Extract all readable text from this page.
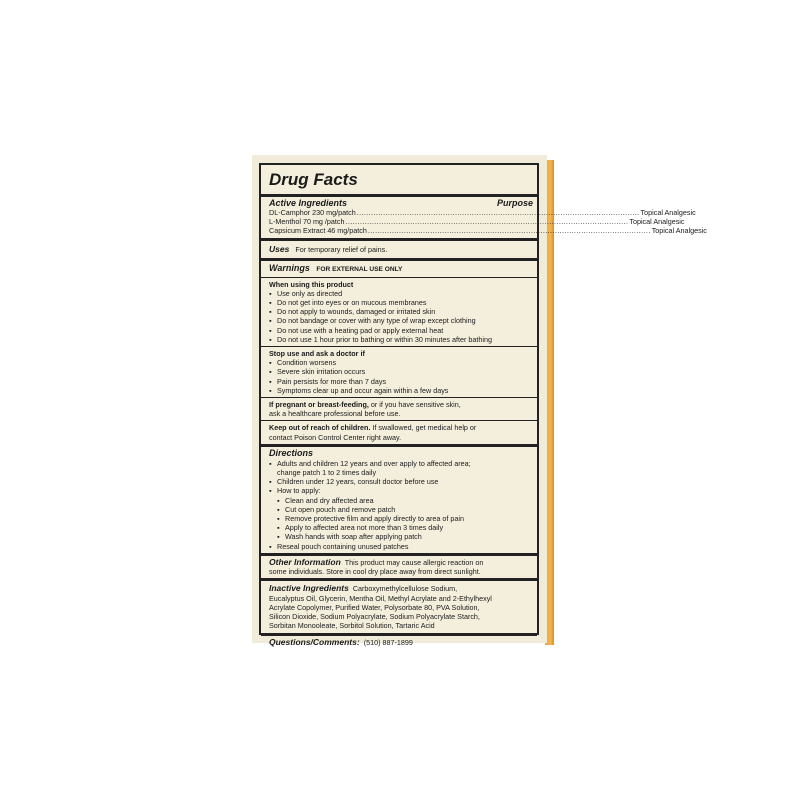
Drug Facts
Active Ingredients	Purpose
DL-Camphor 230 mg/patch .....	Topical Analgesic
L-Menthol 70 mg /patch .....	Topical Analgesic
Capsicum Extract 46 mg/patch .....	Topical Analgesic
Uses For temporary relief of pains.
Warnings FOR EXTERNAL USE ONLY
When using this product
▪ Use only as directed
▪ Do not get into eyes or on mucous membranes
▪ Do not apply to wounds, damaged or irritated skin
▪ Do not bandage or cover with any type of wrap except clothing
▪ Do not use with a heating pad or apply external heat
▪ Do not use 1 hour prior to bathing or within 30 minutes after bathing
Stop use and ask a doctor if
▪ Condition worsens
▪ Severe skin irritation occurs
▪ Pain persists for more than 7 days
▪ Symptoms clear up and occur again within a few days
If pregnant or breast-feeding, or if you have sensitive skin,
ask a healthcare professional before use.
Keep out of reach of children. If swallowed, get medical help or
contact Poison Control Center right away.
Directions
▪ Adults and children 12 years and over apply to affected area;
change patch 1 to 2 times daily
▪ Children under 12 years, consult doctor before use
▪ How to apply:
▪ Clean and dry affected area
▪ Cut open pouch and remove patch
▪ Remove protective film and apply directly to area of pain
▪ Apply to affected area not more than 3 times daily
▪ Wash hands with soap after applying patch
▪ Reseal pouch containing unused patches
Other Information This product may cause allergic reaction on
some individuals. Store in cool dry place away from direct sunlight.
Inactive Ingredients Carboxymethylcellulose Sodium,
Eucalyptus Oil, Glycerin, Mentha Oil, Methyl Acrylate and 2-Ethylhexyl
Acrylate Copolymer, Purified Water, Polysorbate 80, PVA Solution,
Silicon Dioxide, Sodium Polyacrylate, Sodium Polyacrylate Starch,
Sorbitan Monooleate, Sorbitol Solution, Tartaric Acid
Questions/Comments: (510) 887-1899
